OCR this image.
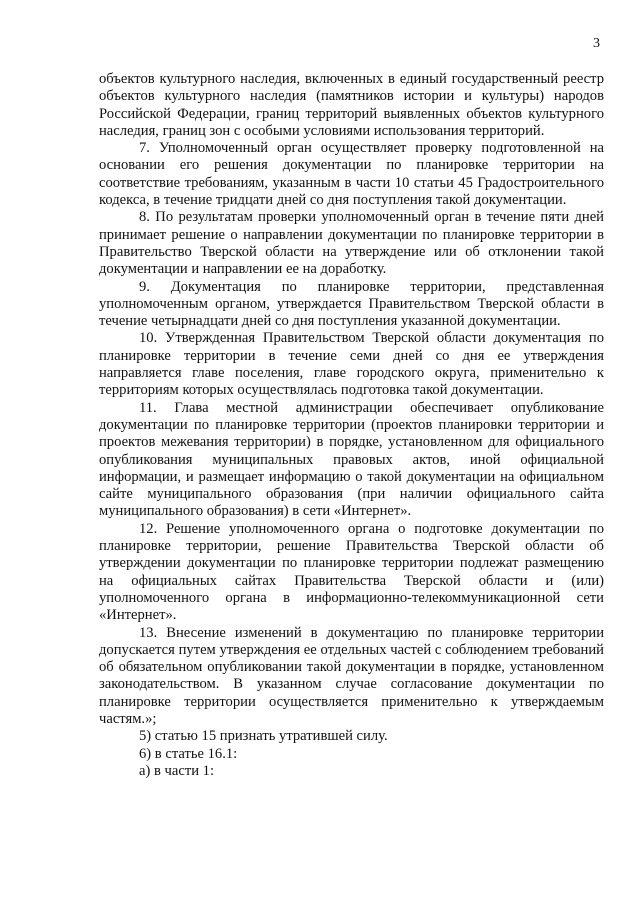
3

объектов культурного наследия, включенных в единый государственный реестр объектов культурного наследия (памятников истории и культуры) народов Российской Федерации, границ территорий выявленных объектов культурного наследия, границ зон с особыми условиями использования территорий.

7. Уполномоченный орган осуществляет проверку подготовленной на основании его решения документации по планировке территории на соответствие требованиям, указанным в части 10 статьи 45 Градостроительного кодекса, в течение тридцати дней со дня поступления такой документации.

8. По результатам проверки уполномоченный орган в течение пяти дней принимает решение о направлении документации по планировке территории в Правительство Тверской области на утверждение или об отклонении такой документации и направлении ее на доработку.

9. Документация по планировке территории, представленная уполномоченным органом, утверждается Правительством Тверской области в течение четырнадцати дней со дня поступления указанной документации.

10. Утвержденная Правительством Тверской области документация по планировке территории в течение семи дней со дня ее утверждения направляется главе поселения, главе городского округа, применительно к территориям которых осуществлялась подготовка такой документации.

11. Глава местной администрации обеспечивает опубликование документации по планировке территории (проектов планировки территории и проектов межевания территории) в порядке, установленном для официального опубликования муниципальных правовых актов, иной официальной информации, и размещает информацию о такой документации на официальном сайте муниципального образования (при наличии официального сайта муниципального образования) в сети «Интернет».

12. Решение уполномоченного органа о подготовке документации по планировке территории, решение Правительства Тверской области об утверждении документации по планировке территории подлежат размещению на официальных сайтах Правительства Тверской области и (или) уполномоченного органа в информационно-телекоммуникационной сети «Интернет».

13. Внесение изменений в документацию по планировке территории допускается путем утверждения ее отдельных частей с соблюдением требований об обязательном опубликовании такой документации в порядке, установленном законодательством. В указанном случае согласование документации по планировке территории осуществляется применительно к утверждаемым частям.»;

5) статью 15 признать утратившей силу.

6) в статье 16.1:

а) в части 1:
